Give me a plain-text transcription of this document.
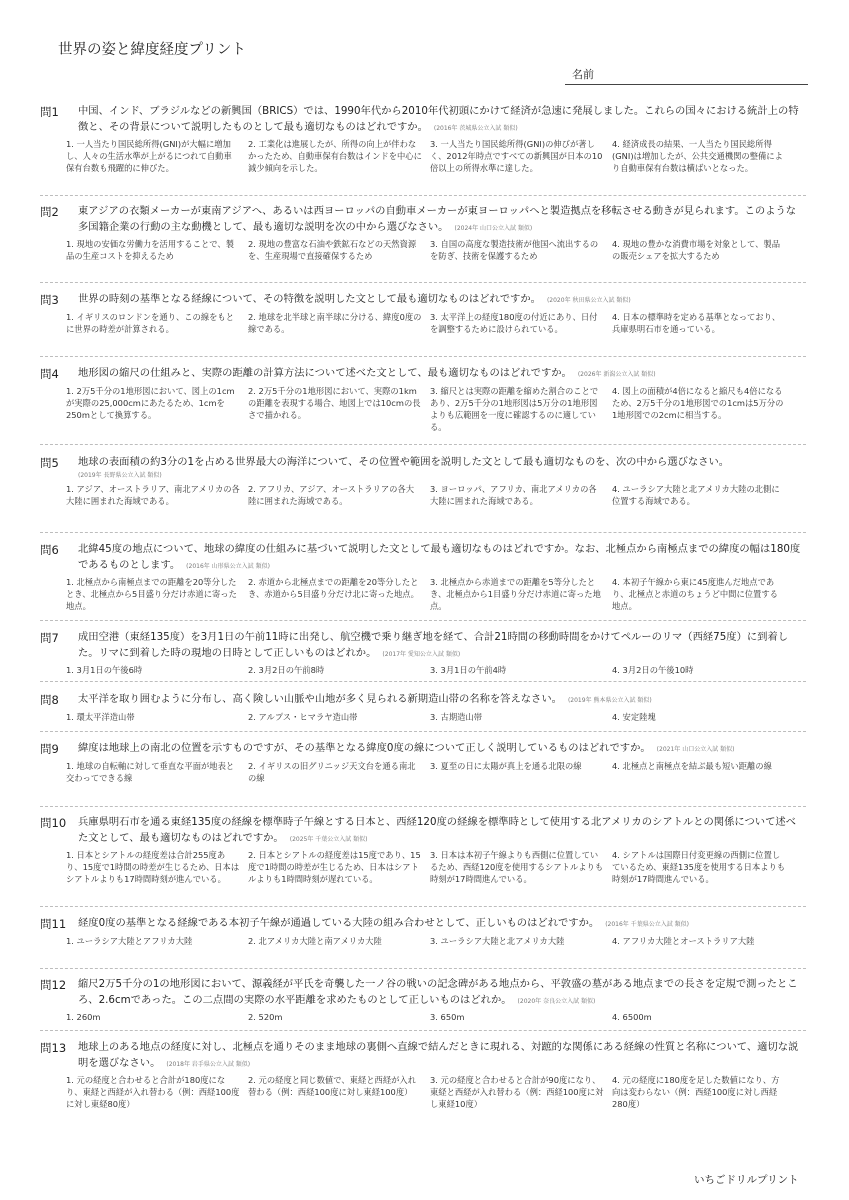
世界の姿と緯度経度プリント
名前
問1	中国、インド、ブラジルなどの新興国（BRICS）では、1990年代から2010年代初頭にかけて経済が急速に発展しました。これらの国々における統計上の特徴と、その背景について説明したものとして最も適切なものはどれですか。 (2016年 茨城県公立入試 類似)
1. 一人当たり国民総所得(GNI)が大幅に増加し、人々の生活水準が上がるにつれて自動車保有台数も飛躍的に伸びた。
2. 工業化は進展したが、所得の向上が伴わなかったため、自動車保有台数はインドを中心に減少傾向を示した。
3. 一人当たり国民総所得(GNI)の伸びが著しく、2012年時点ですべての新興国が日本の10倍以上の所得水準に達した。
4. 経済成長の結果、一人当たり国民総所得(GNI)は増加したが、公共交通機関の整備により自動車保有台数は横ばいとなった。
問2	東アジアの衣類メーカーが東南アジアへ、あるいは西ヨーロッパの自動車メーカーが東ヨーロッパへと製造拠点を移転させる動きが見られます。このような多国籍企業の行動の主な動機として、最も適切な説明を次の中から選びなさい。 (2024年 山口公立入試 類似)
1. 現地の安価な労働力を活用することで、製品の生産コストを抑えるため
2. 現地の豊富な石油や鉄鉱石などの天然資源を、生産現場で直接確保するため
3. 自国の高度な製造技術が他国へ流出するのを防ぎ、技術を保護するため
4. 現地の豊かな消費市場を対象として、製品の販売シェアを拡大するため
問3	世界の時刻の基準となる経線について、その特徴を説明した文として最も適切なものはどれですか。 (2020年 秋田県公立入試 類似)
1. イギリスのロンドンを通り、この線をもとに世界の時差が計算される。
2. 地球を北半球と南半球に分ける、緯度0度の線である。
3. 太平洋上の経度180度の付近にあり、日付を調整するために設けられている。
4. 日本の標準時を定める基準となっており、兵庫県明石市を通っている。
問4	地形図の縮尺の仕組みと、実際の距離の計算方法について述べた文として、最も適切なものはどれですか。 (2026年 新潟公立入試 類似)
1. 2万5千分の1地形図において、図上の1cmが実際の25,000cmにあたるため、1cmを250mとして換算する。
2. 2万5千分の1地形図において、実際の1kmの距離を表現する場合、地図上では10cmの長さで描かれる。
3. 縮尺とは実際の距離を縮めた割合のことであり、2万5千分の1地形図は5万分の1地形図よりも広範囲を一度に確認するのに適している。
4. 図上の面積が4倍になると縮尺も4倍になるため、2万5千分の1地形図での1cmは5万分の1地形図での2cmに相当する。
問5	地球の表面積の約3分の1を占める世界最大の海洋について、その位置や範囲を説明した文として最も適切なものを、次の中から選びなさい。
(2019年 長野県公立入試 類似)
1. アジア、オーストラリア、南北アメリカの各大陸に囲まれた海域である。
2. アフリカ、アジア、オーストラリアの各大陸に囲まれた海域である。
3. ヨーロッパ、アフリカ、南北アメリカの各大陸に囲まれた海域である。
4. ユーラシア大陸と北アメリカ大陸の北側に位置する海域である。
問6	北緯45度の地点について、地球の緯度の仕組みに基づいて説明した文として最も適切なものはどれですか。なお、北極点から南極点までの緯度の幅は180度であるものとします。 (2016年 山形県公立入試 類似)
1. 北極点から南極点までの距離を20等分したとき、北極点から5目盛り分だけ赤道に寄った地点。
2. 赤道から北極点までの距離を20等分したとき、赤道から5目盛り分だけ北に寄った地点。
3. 北極点から赤道までの距離を5等分したとき、北極点から1目盛り分だけ赤道に寄った地点。
4. 本初子午線から東に45度進んだ地点であり、北極点と赤道のちょうど中間に位置する地点。
問7	成田空港（東経135度）を3月1日の午前11時に出発し、航空機で乗り継ぎ地を経て、合計21時間の移動時間をかけてペルーのリマ（西経75度）に到着した。リマに到着した時の現地の日時として正しいものはどれか。 (2017年 愛知公立入試 類似)
1. 3月1日の午後6時	2. 3月2日の午前8時	3. 3月1日の午前4時	4. 3月2日の午後10時
問8	太平洋を取り囲むように分布し、高く険しい山脈や山地が多く見られる新期造山帯の名称を答えなさい。 (2019年 熊本県公立入試 類似)
1. 環太平洋造山帯	2. アルプス・ヒマラヤ造山帯	3. 古期造山帯	4. 安定陸塊
問9	緯度は地球上の南北の位置を示すものですが、その基準となる緯度0度の線について正しく説明しているものはどれですか。 (2021年 山口公立入試 類似)
1. 地球の自転軸に対して垂直な平面が地表と交わってできる線
2. イギリスの旧グリニッジ天文台を通る南北の線
3. 夏至の日に太陽が真上を通る北限の線	4. 北極点と南極点を結ぶ最も短い距離の線
問10	兵庫県明石市を通る東経135度の経線を標準時子午線とする日本と、西経120度の経線を標準時として使用する北アメリカのシアトルとの関係について述べた文として、最も適切なものはどれですか。 (2025年 千葉公立入試 類似)
1. 日本とシアトルの経度差は合計255度あり、15度で1時間の時差が生じるため、日本はシアトルよりも17時間時刻が進んでいる。
2. 日本とシアトルの経度差は15度であり、15度で1時間の時差が生じるため、日本はシアトルよりも1時間時刻が遅れている。
3. 日本は本初子午線よりも西側に位置しているため、西経120度を使用するシアトルよりも時刻が17時間進んでいる。
4. シアトルは国際日付変更線の西側に位置しているため、東経135度を使用する日本よりも時刻が17時間進んでいる。
問11	経度0度の基準となる経線である本初子午線が通過している大陸の組み合わせとして、正しいものはどれですか。 (2016年 千葉県公立入試 類似)
1. ユーラシア大陸とアフリカ大陸	2. 北アメリカ大陸と南アメリカ大陸	3. ユーラシア大陸と北アメリカ大陸	4. アフリカ大陸とオーストラリア大陸
問12	縮尺2万5千分の1の地形図において、源義経が平氏を奇襲した一ノ谷の戦いの記念碑がある地点から、平敦盛の墓がある地点までの長さを定規で測ったところ、2.6cmであった。この二点間の実際の水平距離を求めたものとして正しいものはどれか。 (2020年 奈良公立入試 類似)
1. 260m	2. 520m	3. 650m	4. 6500m
問13	地球上のある地点の経度に対し、北極点を通りそのまま地球の裏側へ直線で結んだときに現れる、対蹠的な関係にある経線の性質と名称について、適切な説明を選びなさい。 (2018年 岩手県公立入試 類似)
1. 元の経度と合わせると合計が180度になり、東経と西経が入れ替わる（例：西経100度に対し東経80度）
2. 元の経度と同じ数値で、東経と西経が入れ替わる（例：西経100度に対し東経100度）
3. 元の経度と合わせると合計が90度になり、東経と西経が入れ替わる（例：西経100度に対し東経10度）
4. 元の経度に180度を足した数値になり、方向は変わらない（例：西経100度に対し西経280度）
いちごドリルプリント
